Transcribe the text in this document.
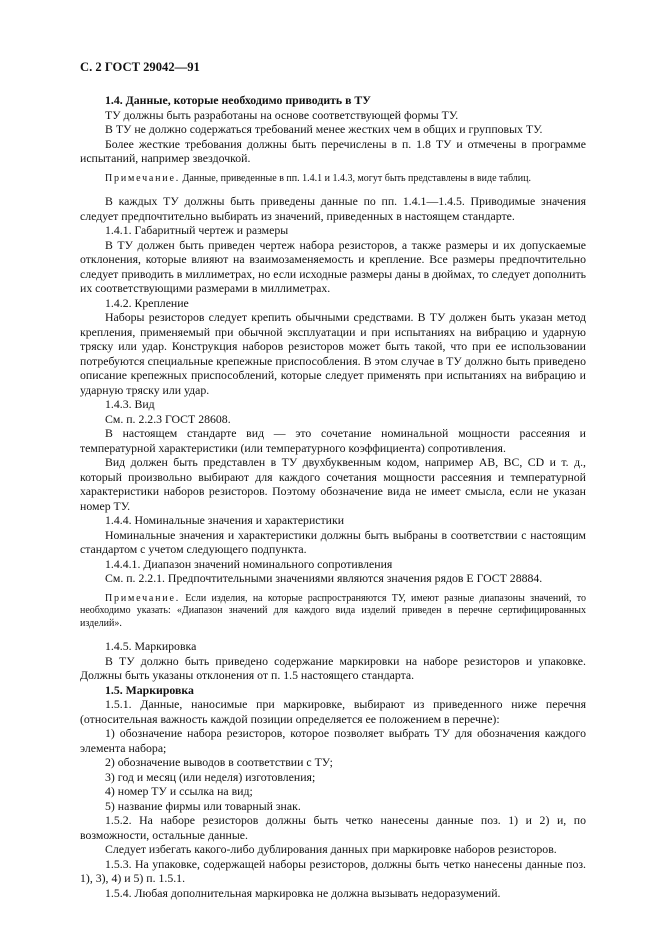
С. 2 ГОСТ 29042—91

1.4. Данные, которые необходимо приводить в ТУ

ТУ должны быть разработаны на основе соответствующей формы ТУ.

В ТУ не должно содержаться требований менее жестких чем в общих и групповых ТУ.

Более жесткие требования должны быть перечислены в п. 1.8 ТУ и отмечены в программе испытаний, например звездочкой.

Примечание. Данные, приведенные в пп. 1.4.1 и 1.4.3, могут быть представлены в виде таблиц.

В каждых ТУ должны быть приведены данные по пп. 1.4.1—1.4.5. Приводимые значения следует предпочтительно выбирать из значений, приведенных в настоящем стандарте.

1.4.1. Габаритный чертеж и размеры

В ТУ должен быть приведен чертеж набора резисторов, а также размеры и их допускаемые отклонения, которые влияют на взаимозаменяемость и крепление. Все размеры предпочтительно следует приводить в миллиметрах, но если исходные размеры даны в дюймах, то следует дополнить их соответствующими размерами в миллиметрах.

1.4.2. Крепление

Наборы резисторов следует крепить обычными средствами. В ТУ должен быть указан метод крепления, применяемый при обычной эксплуатации и при испытаниях на вибрацию и ударную тряску или удар. Конструкция наборов резисторов может быть такой, что при ее использовании потребуются специальные крепежные приспособления. В этом случае в ТУ должно быть приведено описание крепежных приспособлений, которые следует применять при испытаниях на вибрацию и ударную тряску или удар.

1.4.3. Вид

См. п. 2.2.3 ГОСТ 28608.

В настоящем стандарте вид — это сочетание номинальной мощности рассеяния и температурной характеристики (или температурного коэффициента) сопротивления.

Вид должен быть представлен в ТУ двухбуквенным кодом, например АВ, ВС, CD и т. д., который произвольно выбирают для каждого сочетания мощности рассеяния и температурной характеристики наборов резисторов. Поэтому обозначение вида не имеет смысла, если не указан номер ТУ.

1.4.4. Номинальные значения и характеристики

Номинальные значения и характеристики должны быть выбраны в соответствии с настоящим стандартом с учетом следующего подпункта.

1.4.4.1. Диапазон значений номинального сопротивления

См. п. 2.2.1. Предпочтительными значениями являются значения рядов Е ГОСТ 28884.

Примечание. Если изделия, на которые распространяются ТУ, имеют разные диапазоны значений, то необходимо указать: «Диапазон значений для каждого вида изделий приведен в перечне сертифицированных изделий».

1.4.5. Маркировка

В ТУ должно быть приведено содержание маркировки на наборе резисторов и упаковке. Должны быть указаны отклонения от п. 1.5 настоящего стандарта.

1.5. Маркировка

1.5.1. Данные, наносимые при маркировке, выбирают из приведенного ниже перечня (относительная важность каждой позиции определяется ее положением в перечне):

1) обозначение набора резисторов, которое позволяет выбрать ТУ для обозначения каждого элемента набора;

2) обозначение выводов в соответствии с ТУ;

3) год и месяц (или неделя) изготовления;

4) номер ТУ и ссылка на вид;

5) название фирмы или товарный знак.

1.5.2. На наборе резисторов должны быть четко нанесены данные поз. 1) и 2) и, по возможности, остальные данные.

Следует избегать какого-либо дублирования данных при маркировке наборов резисторов.

1.5.3. На упаковке, содержащей наборы резисторов, должны быть четко нанесены данные поз. 1), 3), 4) и 5) п. 1.5.1.

1.5.4. Любая дополнительная маркировка не должна вызывать недоразумений.
